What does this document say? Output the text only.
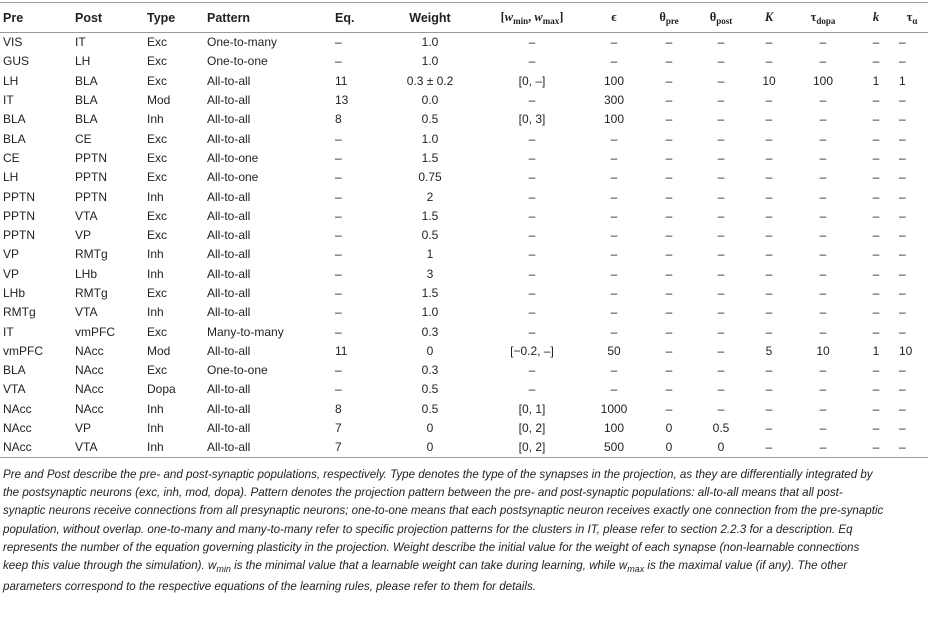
Pre	Post	Type	Pattern	Eq.	Weight	[$w_{min}$, $w_{max}$]	ϵ	$\theta_{pre}$	$\theta_{post}$	K	$\tau_{dopa}$	k	$\tau_\alpha$
VIS	IT	Exc	One-to-many	–	1.0	–	–	–	–	–	–	–	–
GUS	LH	Exc	One-to-one	–	1.0	–	–	–	–	–	–	–	–
LH	BLA	Exc	All-to-all	11	0.3 ± 0.2	[0, –]	100	–	–	10	100	1	1
IT	BLA	Mod	All-to-all	13	0.0	–	300	–	–	–	–	–	–
BLA	BLA	Inh	All-to-all	8	0.5	[0, 3]	100	–	–	–	–	–	–
BLA	CE	Exc	All-to-all	–	1.0	–	–	–	–	–	–	–	–
CE	PPTN	Exc	All-to-one	–	1.5	–	–	–	–	–	–	–	–
LH	PPTN	Exc	All-to-one	–	0.75	–	–	–	–	–	–	–	–
PPTN	PPTN	Inh	All-to-all	–	2	–	–	–	–	–	–	–	–
PPTN	VTA	Exc	All-to-all	–	1.5	–	–	–	–	–	–	–	–
PPTN	VP	Exc	All-to-all	–	0.5	–	–	–	–	–	–	–	–
VP	RMTg	Inh	All-to-all	–	1	–	–	–	–	–	–	–	–
VP	LHb	Inh	All-to-all	–	3	–	–	–	–	–	–	–	–
LHb	RMTg	Exc	All-to-all	–	1.5	–	–	–	–	–	–	–	–
RMTg	VTA	Inh	All-to-all	–	1.0	–	–	–	–	–	–	–	–
IT	vmPFC	Exc	Many-to-many	–	0.3	–	–	–	–	–	–	–	–
vmPFC	NAcc	Mod	All-to-all	11	0	[−0.2, –]	50	–	–	5	10	1	10
BLA	NAcc	Exc	One-to-one	–	0.3	–	–	–	–	–	–	–	–
VTA	NAcc	Dopa	All-to-all	–	0.5	–	–	–	–	–	–	–	–
NAcc	NAcc	Inh	All-to-all	8	0.5	[0, 1]	1000	–	–	–	–	–	–
NAcc	VP	Inh	All-to-all	7	0	[0, 2]	100	0	0.5	–	–	–	–
NAcc	VTA	Inh	All-to-all	7	0	[0, 2]	500	0	0	–	–	–	–

Pre and Post describe the pre- and post-synaptic populations, respectively. Type denotes the type of the synapses in the projection, as they are differentially integrated by the postsynaptic neurons (exc, inh, mod, dopa). Pattern denotes the projection pattern between the pre- and post-synaptic populations: all-to-all means that all post-synaptic neurons receive connections from all presynaptic neurons; one-to-one means that each postsynaptic neuron receives exactly one connection from the pre-synaptic population, without overlap. one-to-many and many-to-many refer to specific projection patterns for the clusters in IT, please refer to section 2.2.3 for a description. Eq represents the number of the equation governing plasticity in the projection. Weight describe the initial value for the weight of each synapse (non-learnable connections keep this value through the simulation). $w_{min}$ is the minimal value that a learnable weight can take during learning, while $w_{max}$ is the maximal value (if any). The other parameters correspond to the respective equations of the learning rules, please refer to them for details.
